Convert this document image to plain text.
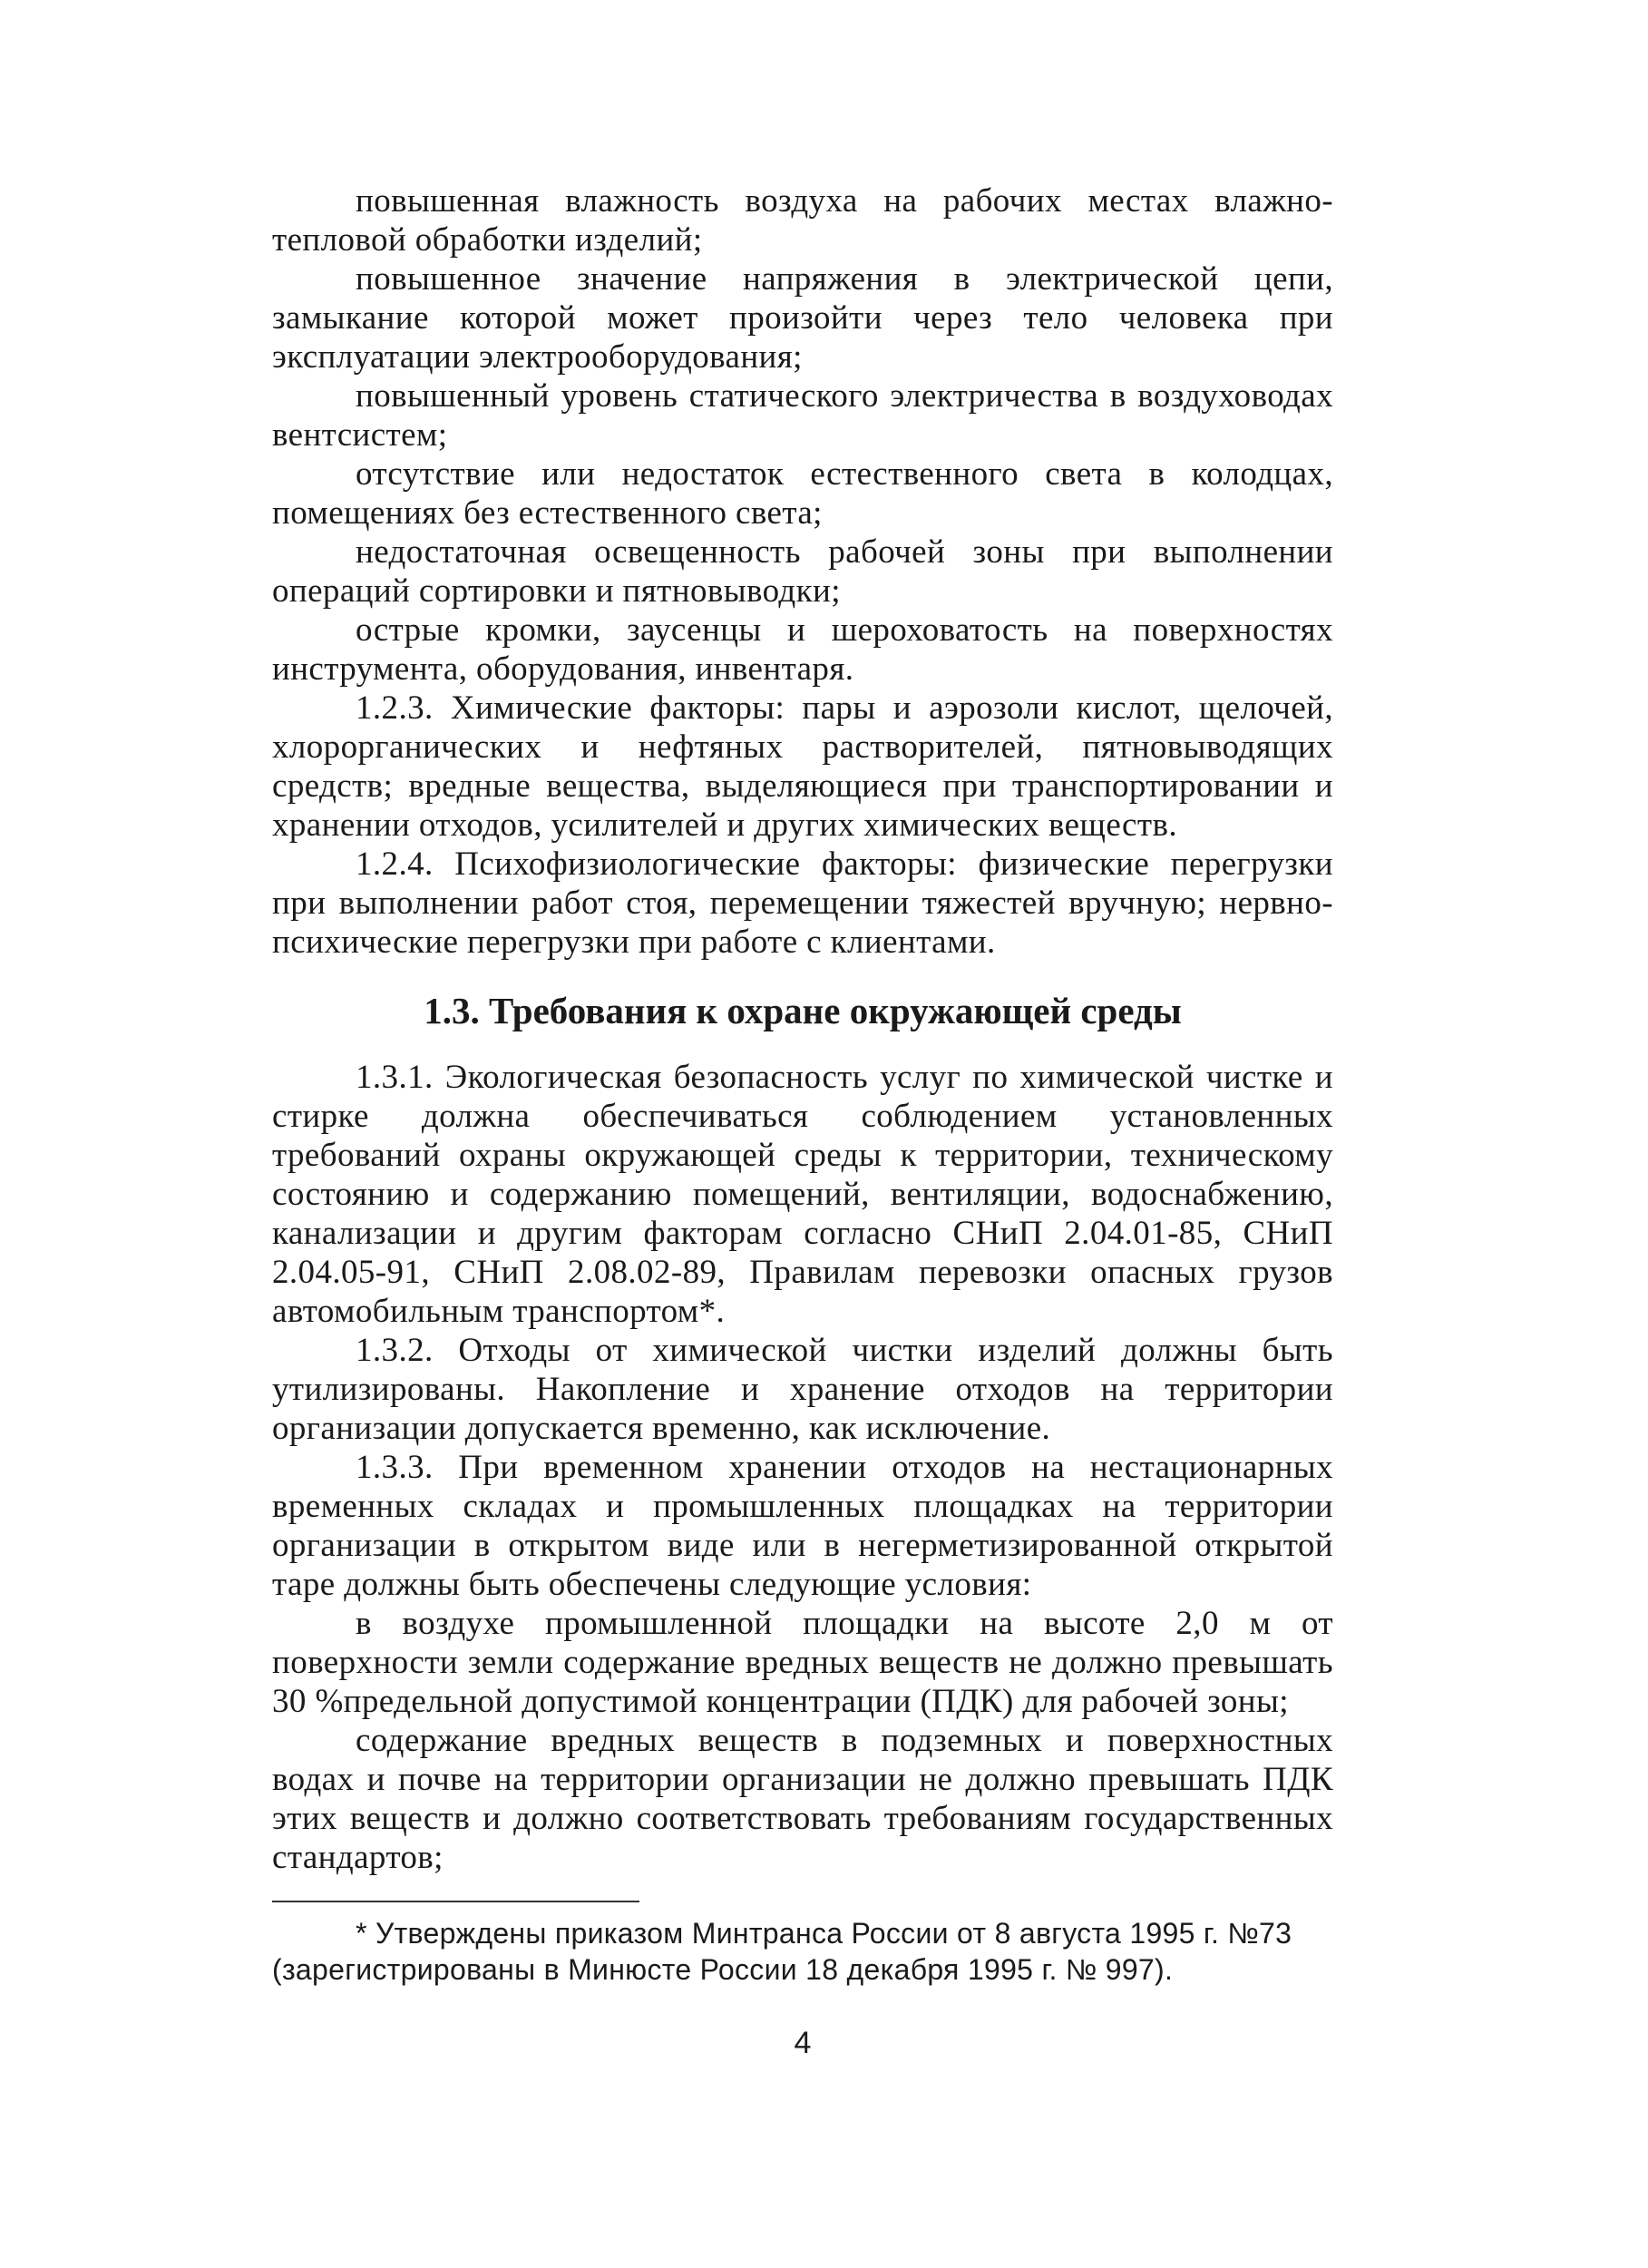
повышенная влажность воздуха на рабочих местах влажно-тепловой обработки изделий;

повышенное значение напряжения в электрической цепи, замыкание которой может произойти через тело человека при эксплуатации электрооборудования;

повышенный уровень статического электричества в воздуховодах вентсистем;

отсутствие или недостаток естественного света в колодцах, помещениях без естественного света;

недостаточная освещенность рабочей зоны при выполнении операций сортировки и пятновыводки;

острые кромки, заусенцы и шероховатость на поверхностях инструмента, оборудования, инвентаря.

1.2.3. Химические факторы: пары и аэрозоли кислот, щелочей, хлорорганических и нефтяных растворителей, пятновыводящих средств; вредные вещества, выделяющиеся при транспортировании и хранении отходов, усилителей и других химических веществ.

1.2.4. Психофизиологические факторы: физические перегрузки при выполнении работ стоя, перемещении тяжестей вручную; нервно-психические перегрузки при работе с клиентами.

1.3. Требования к охране окружающей среды

1.3.1. Экологическая безопасность услуг по химической чистке и стирке должна обеспечиваться соблюдением установленных требований охраны окружающей среды к территории, техническому состоянию и содержанию помещений, вентиляции, водоснабжению, канализации и другим факторам согласно СНиП 2.04.01-85, СНиП 2.04.05-91, СНиП 2.08.02-89, Правилам перевозки опасных грузов автомобильным транспортом*.

1.3.2. Отходы от химической чистки изделий должны быть утилизированы. Накопление и хранение отходов на территории организации допускается временно, как исключение.

1.3.3. При временном хранении отходов на нестационарных временных складах и промышленных площадках на территории организации в открытом виде или в негерметизированной открытой таре должны быть обеспечены следующие условия:

в воздухе промышленной площадки на высоте 2,0 м от поверхности земли содержание вредных веществ не должно превышать 30 %предельной допустимой концентрации (ПДК) для рабочей зоны;

содержание вредных веществ в подземных и поверхностных водах и почве на территории организации не должно превышать ПДК этих веществ и должно соответствовать требованиям государственных стандартов;

* Утверждены приказом Минтранса России от 8 августа 1995 г. №73 (зарегистрированы в Минюсте России 18 декабря 1995 г. № 997).

4
